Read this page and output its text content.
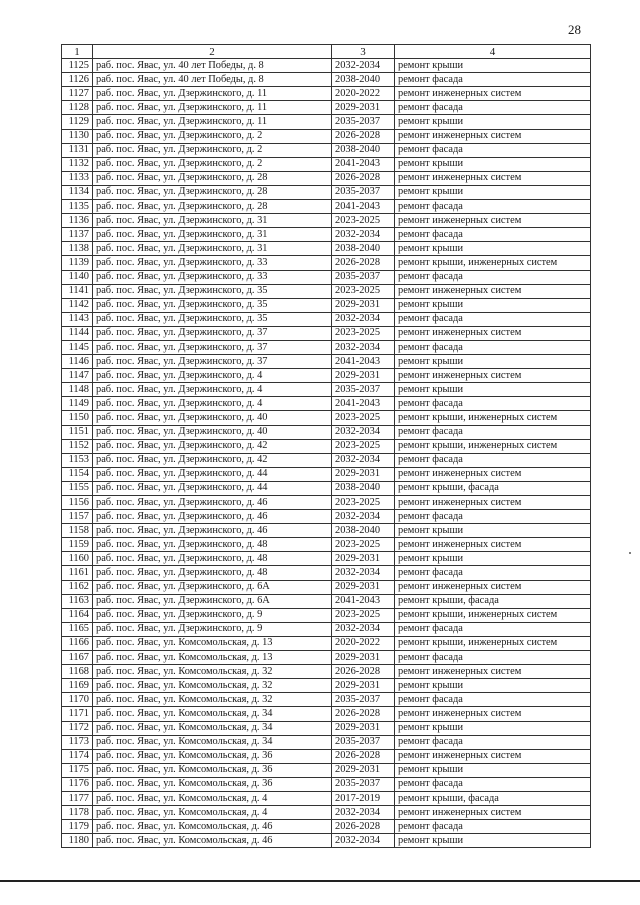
28
1	2	3	4
1125	раб. пос. Явас, ул. 40 лет Победы, д. 8	2032-2034	ремонт крыши
1126	раб. пос. Явас, ул. 40 лет Победы, д. 8	2038-2040	ремонт фасада
1127	раб. пос. Явас, ул. Дзержинского, д. 11	2020-2022	ремонт инженерных систем
1128	раб. пос. Явас, ул. Дзержинского, д. 11	2029-2031	ремонт фасада
1129	раб. пос. Явас, ул. Дзержинского, д. 11	2035-2037	ремонт крыши
1130	раб. пос. Явас, ул. Дзержинского, д. 2	2026-2028	ремонт инженерных систем
1131	раб. пос. Явас, ул. Дзержинского, д. 2	2038-2040	ремонт фасада
1132	раб. пос. Явас, ул. Дзержинского, д. 2	2041-2043	ремонт крыши
1133	раб. пос. Явас, ул. Дзержинского, д. 28	2026-2028	ремонт инженерных систем
1134	раб. пос. Явас, ул. Дзержинского, д. 28	2035-2037	ремонт крыши
1135	раб. пос. Явас, ул. Дзержинского, д. 28	2041-2043	ремонт фасада
1136	раб. пос. Явас, ул. Дзержинского, д. 31	2023-2025	ремонт инженерных систем
1137	раб. пос. Явас, ул. Дзержинского, д. 31	2032-2034	ремонт фасада
1138	раб. пос. Явас, ул. Дзержинского, д. 31	2038-2040	ремонт крыши
1139	раб. пос. Явас, ул. Дзержинского, д. 33	2026-2028	ремонт крыши, инженерных систем
1140	раб. пос. Явас, ул. Дзержинского, д. 33	2035-2037	ремонт фасада
1141	раб. пос. Явас, ул. Дзержинского, д. 35	2023-2025	ремонт инженерных систем
1142	раб. пос. Явас, ул. Дзержинского, д. 35	2029-2031	ремонт крыши
1143	раб. пос. Явас, ул. Дзержинского, д. 35	2032-2034	ремонт фасада
1144	раб. пос. Явас, ул. Дзержинского, д. 37	2023-2025	ремонт инженерных систем
1145	раб. пос. Явас, ул. Дзержинского, д. 37	2032-2034	ремонт фасада
1146	раб. пос. Явас, ул. Дзержинского, д. 37	2041-2043	ремонт крыши
1147	раб. пос. Явас, ул. Дзержинского, д. 4	2029-2031	ремонт инженерных систем
1148	раб. пос. Явас, ул. Дзержинского, д. 4	2035-2037	ремонт крыши
1149	раб. пос. Явас, ул. Дзержинского, д. 4	2041-2043	ремонт фасада
1150	раб. пос. Явас, ул. Дзержинского, д. 40	2023-2025	ремонт крыши, инженерных систем
1151	раб. пос. Явас, ул. Дзержинского, д. 40	2032-2034	ремонт фасада
1152	раб. пос. Явас, ул. Дзержинского, д. 42	2023-2025	ремонт крыши, инженерных систем
1153	раб. пос. Явас, ул. Дзержинского, д. 42	2032-2034	ремонт фасада
1154	раб. пос. Явас, ул. Дзержинского, д. 44	2029-2031	ремонт инженерных систем
1155	раб. пос. Явас, ул. Дзержинского, д. 44	2038-2040	ремонт крыши, фасада
1156	раб. пос. Явас, ул. Дзержинского, д. 46	2023-2025	ремонт инженерных систем
1157	раб. пос. Явас, ул. Дзержинского, д. 46	2032-2034	ремонт фасада
1158	раб. пос. Явас, ул. Дзержинского, д. 46	2038-2040	ремонт крыши
1159	раб. пос. Явас, ул. Дзержинского, д. 48	2023-2025	ремонт инженерных систем
1160	раб. пос. Явас, ул. Дзержинского, д. 48	2029-2031	ремонт крыши
1161	раб. пос. Явас, ул. Дзержинского, д. 48	2032-2034	ремонт фасада
1162	раб. пос. Явас, ул. Дзержинского, д. 6А	2029-2031	ремонт инженерных систем
1163	раб. пос. Явас, ул. Дзержинского, д. 6А	2041-2043	ремонт крыши, фасада
1164	раб. пос. Явас, ул. Дзержинского, д. 9	2023-2025	ремонт крыши, инженерных систем
1165	раб. пос. Явас, ул. Дзержинского, д. 9	2032-2034	ремонт фасада
1166	раб. пос. Явас, ул. Комсомольская, д. 13	2020-2022	ремонт крыши, инженерных систем
1167	раб. пос. Явас, ул. Комсомольская, д. 13	2029-2031	ремонт фасада
1168	раб. пос. Явас, ул. Комсомольская, д. 32	2026-2028	ремонт инженерных систем
1169	раб. пос. Явас, ул. Комсомольская, д. 32	2029-2031	ремонт крыши
1170	раб. пос. Явас, ул. Комсомольская, д. 32	2035-2037	ремонт фасада
1171	раб. пос. Явас, ул. Комсомольская, д. 34	2026-2028	ремонт инженерных систем
1172	раб. пос. Явас, ул. Комсомольская, д. 34	2029-2031	ремонт крыши
1173	раб. пос. Явас, ул. Комсомольская, д. 34	2035-2037	ремонт фасада
1174	раб. пос. Явас, ул. Комсомольская, д. 36	2026-2028	ремонт инженерных систем
1175	раб. пос. Явас, ул. Комсомольская, д. 36	2029-2031	ремонт крыши
1176	раб. пос. Явас, ул. Комсомольская, д. 36	2035-2037	ремонт фасада
1177	раб. пос. Явас, ул. Комсомольская, д. 4	2017-2019	ремонт крыши, фасада
1178	раб. пос. Явас, ул. Комсомольская, д. 4	2032-2034	ремонт инженерных систем
1179	раб. пос. Явас, ул. Комсомольская, д. 46	2026-2028	ремонт фасада
1180	раб. пос. Явас, ул. Комсомольская, д. 46	2032-2034	ремонт крыши
